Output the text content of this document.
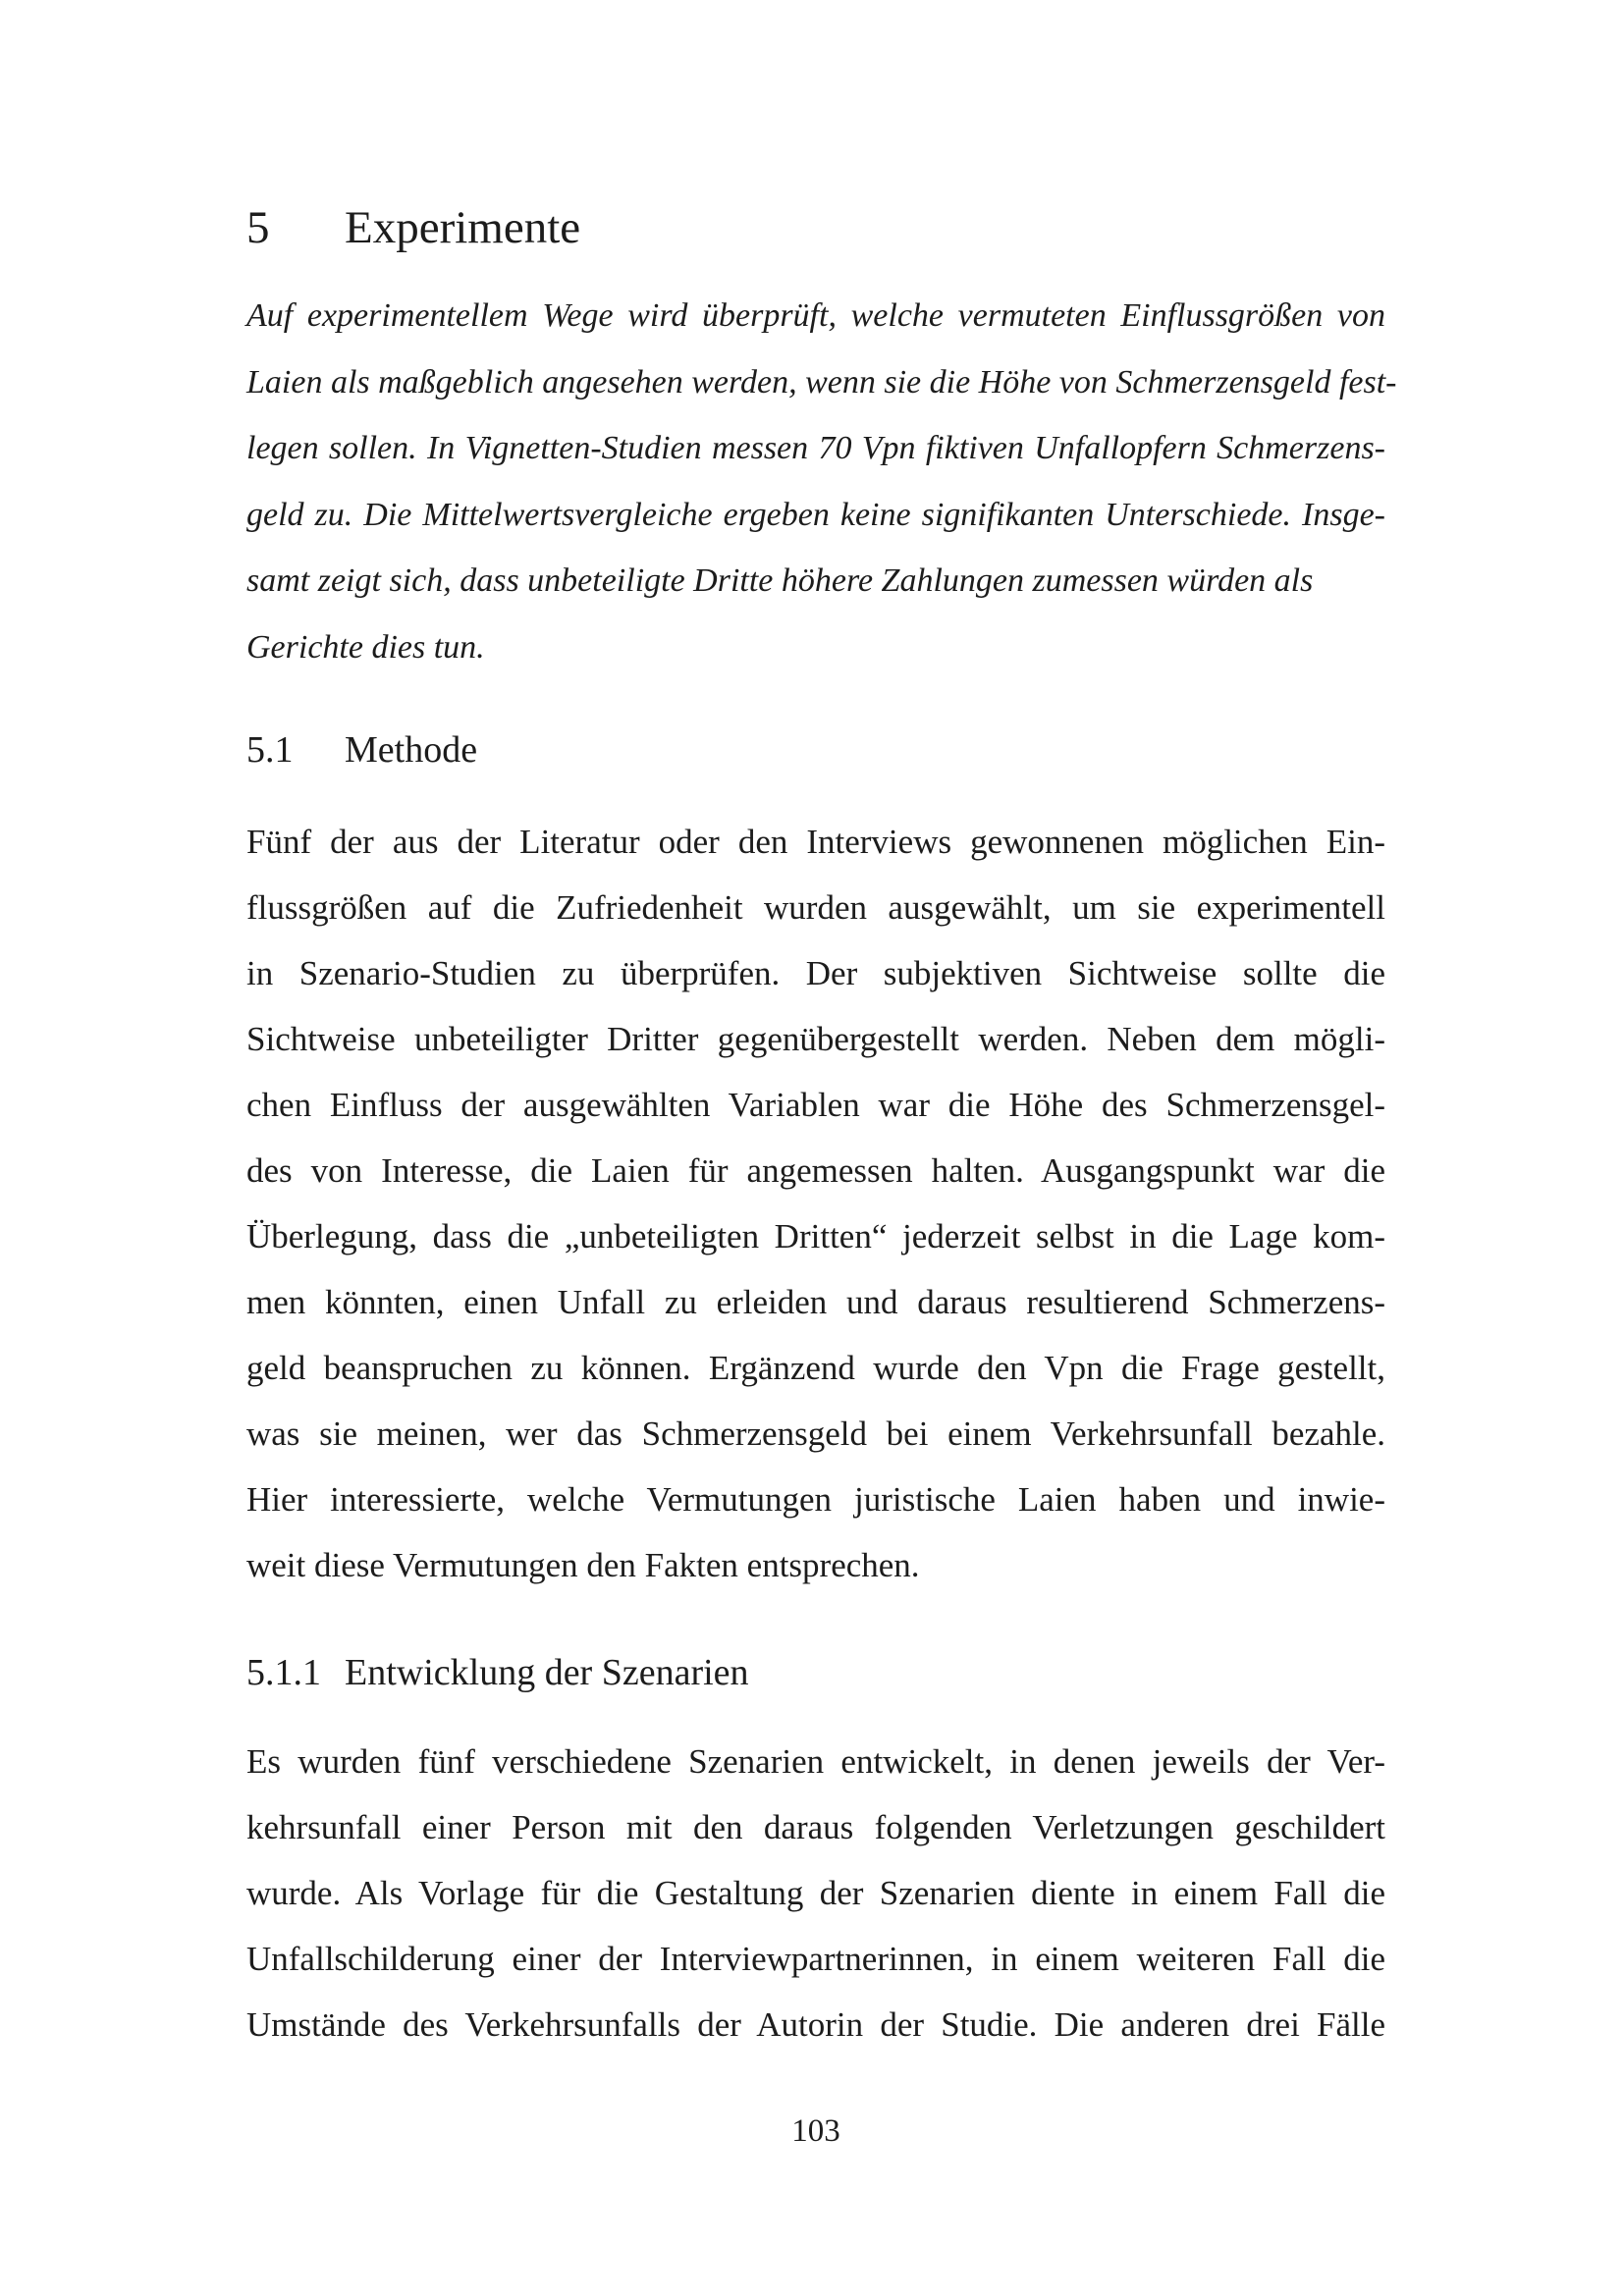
5 Experimente
Auf experimentellem Wege wird überprüft, welche vermuteten Einflussgrößen von
Laien als maßgeblich angesehen werden, wenn sie die Höhe von Schmerzensgeld fest-
legen sollen. In Vignetten-Studien messen 70 Vpn fiktiven Unfallopfern Schmerzens-
geld zu. Die Mittelwertsvergleiche ergeben keine signifikanten Unterschiede. Insge-
samt zeigt sich, dass unbeteiligte Dritte höhere Zahlungen zumessen würden als
Gerichte dies tun.
5.1 Methode
Fünf der aus der Literatur oder den Interviews gewonnenen möglichen Ein-
flussgrößen auf die Zufriedenheit wurden ausgewählt, um sie experimentell
in Szenario-Studien zu überprüfen. Der subjektiven Sichtweise sollte die
Sichtweise unbeteiligter Dritter gegenübergestellt werden. Neben dem mögli-
chen Einfluss der ausgewählten Variablen war die Höhe des Schmerzensgel-
des von Interesse, die Laien für angemessen halten. Ausgangspunkt war die
Überlegung, dass die „unbeteiligten Dritten“ jederzeit selbst in die Lage kom-
men könnten, einen Unfall zu erleiden und daraus resultierend Schmerzens-
geld beanspruchen zu können. Ergänzend wurde den Vpn die Frage gestellt,
was sie meinen, wer das Schmerzensgeld bei einem Verkehrsunfall bezahle.
Hier interessierte, welche Vermutungen juristische Laien haben und inwie-
weit diese Vermutungen den Fakten entsprechen.
5.1.1 Entwicklung der Szenarien
Es wurden fünf verschiedene Szenarien entwickelt, in denen jeweils der Ver-
kehrsunfall einer Person mit den daraus folgenden Verletzungen geschildert
wurde. Als Vorlage für die Gestaltung der Szenarien diente in einem Fall die
Unfallschilderung einer der Interviewpartnerinnen, in einem weiteren Fall die
Umstände des Verkehrsunfalls der Autorin der Studie. Die anderen drei Fälle
103
